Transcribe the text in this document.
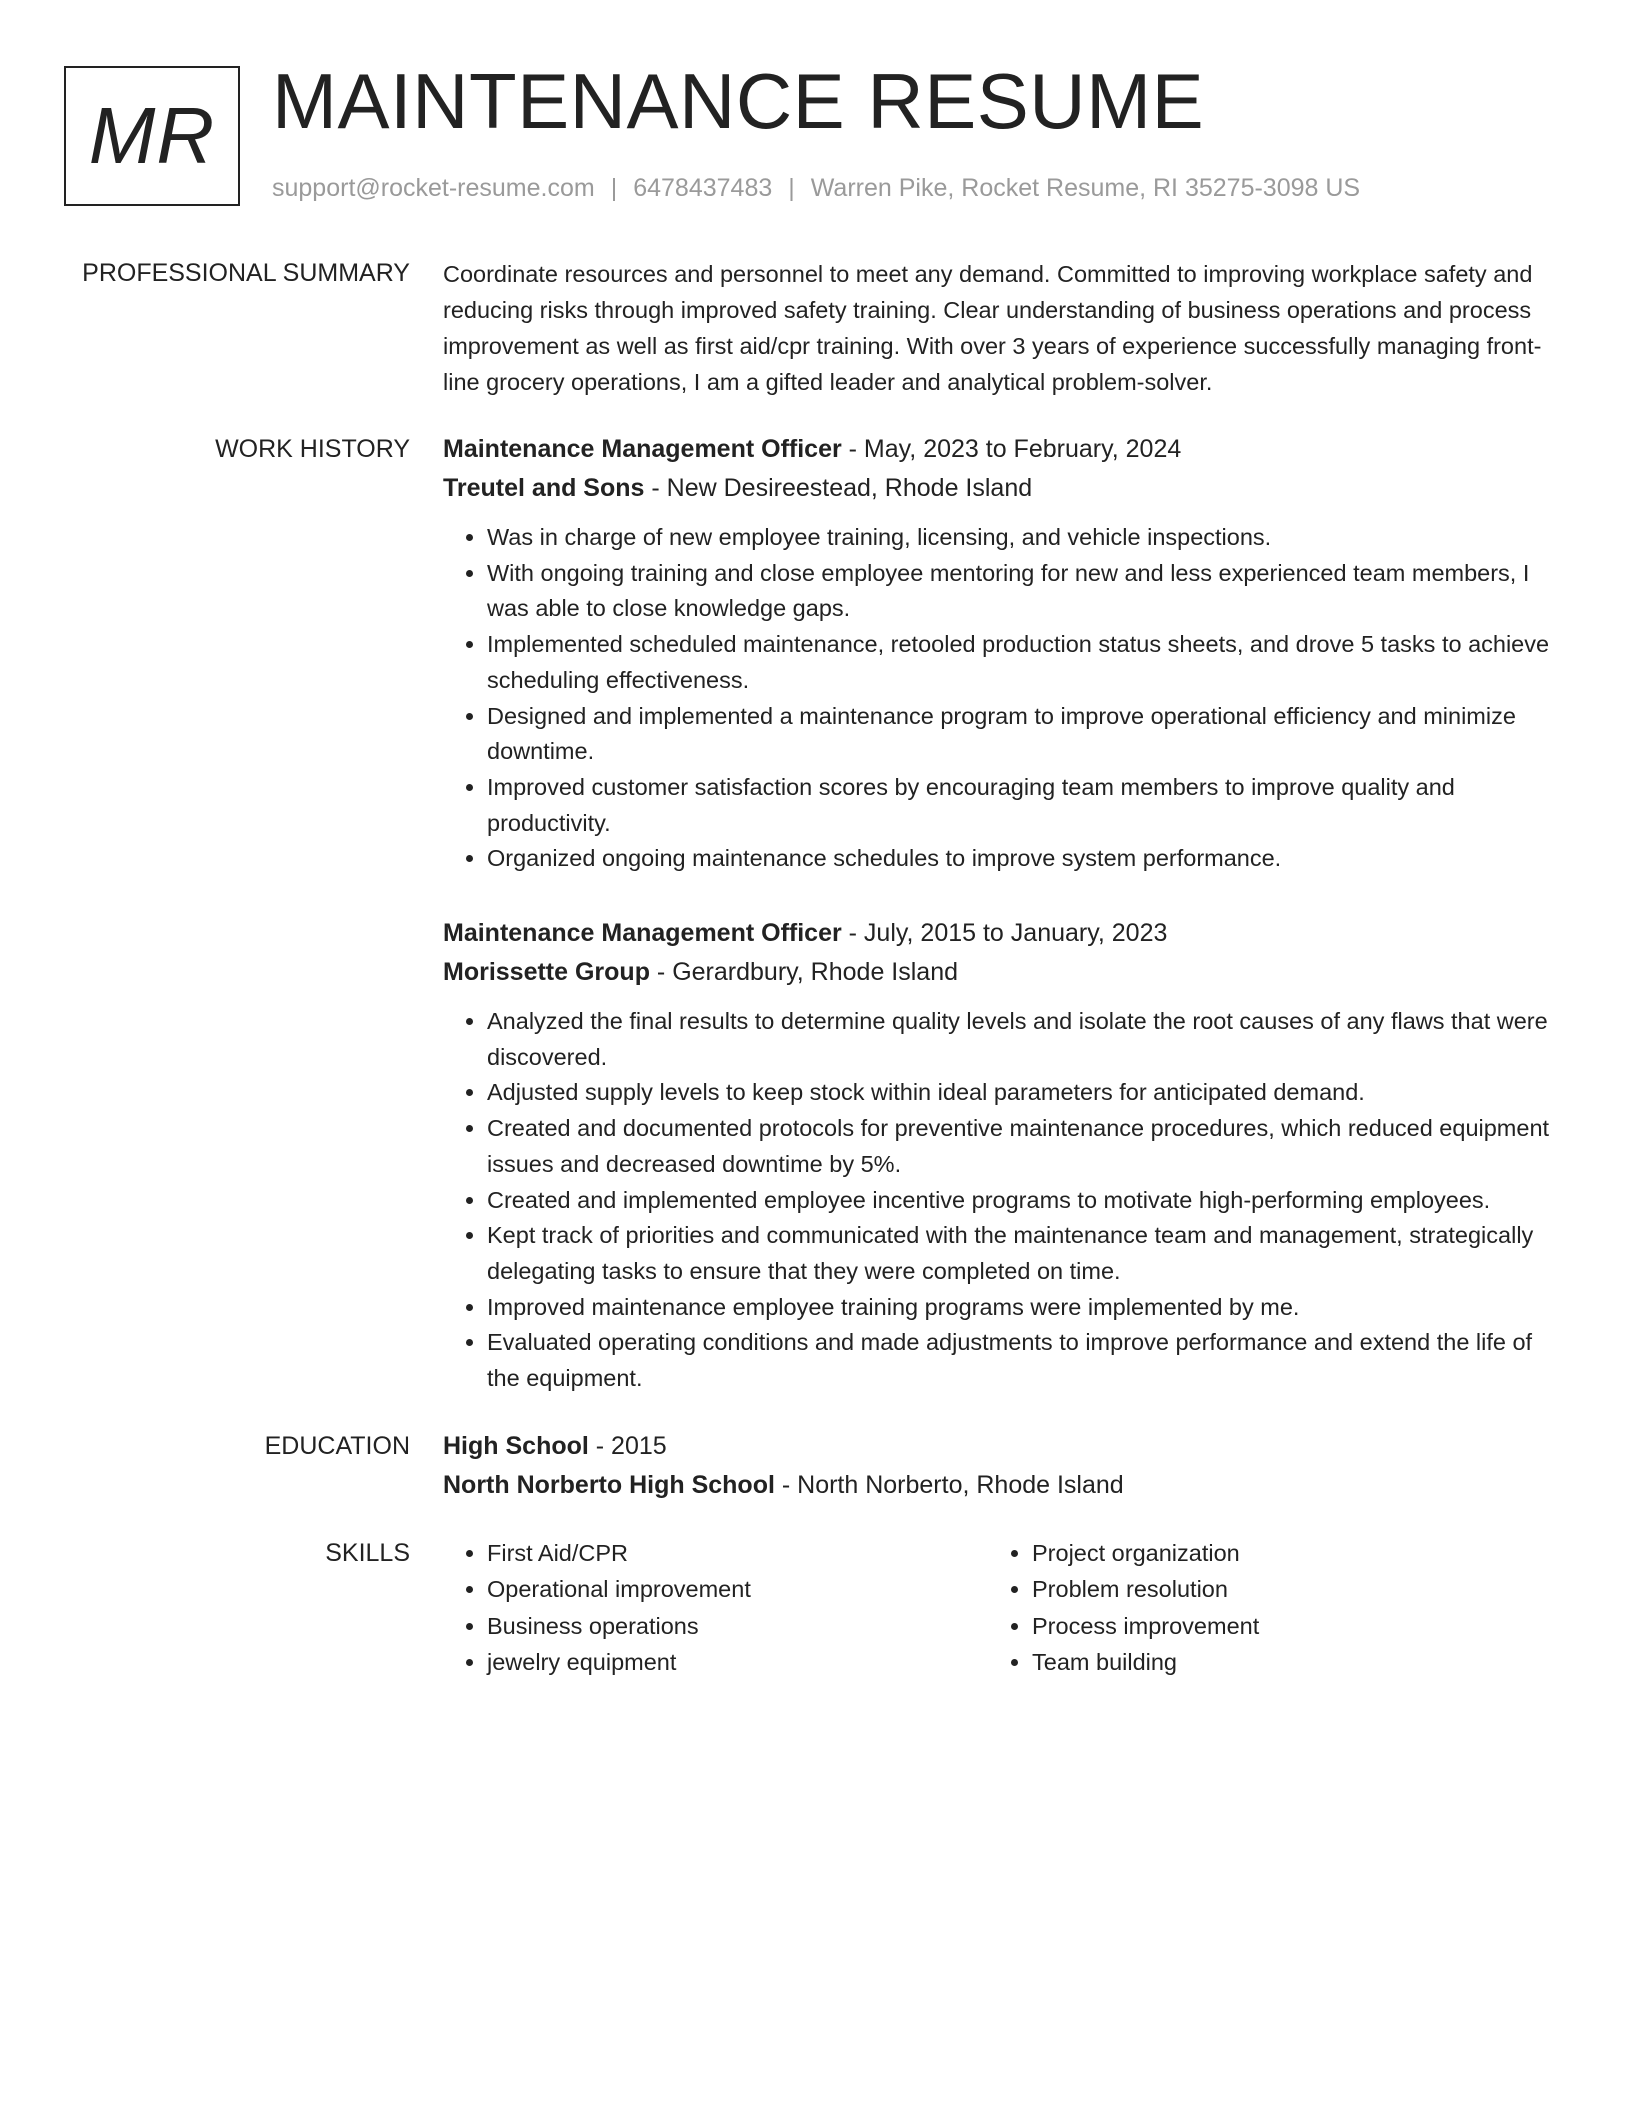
MR MAINTENANCE RESUME
support@rocket-resume.com | 6478437483 | Warren Pike, Rocket Resume, RI 35275-3098 US
PROFESSIONAL SUMMARY Coordinate resources and personnel to meet any demand. Committed to improving workplace safety and reducing risks through improved safety training. Clear understanding of business operations and process improvement as well as first aid/cpr training. With over 3 years of experience successfully managing front-line grocery operations, I am a gifted leader and analytical problem-solver.

WORK HISTORY Maintenance Management Officer - May, 2023 to February, 2024
Treutel and Sons - New Desireestead, Rhode Island
• Was in charge of new employee training, licensing, and vehicle inspections.
• With ongoing training and close employee mentoring for new and less experienced team members, I was able to close knowledge gaps.
• Implemented scheduled maintenance, retooled production status sheets, and drove 5 tasks to achieve scheduling effectiveness.
• Designed and implemented a maintenance program to improve operational efficiency and minimize downtime.
• Improved customer satisfaction scores by encouraging team members to improve quality and productivity.
• Organized ongoing maintenance schedules to improve system performance.
Maintenance Management Officer - July, 2015 to January, 2023
Morissette Group - Gerardbury, Rhode Island
• Analyzed the final results to determine quality levels and isolate the root causes of any flaws that were discovered.
• Adjusted supply levels to keep stock within ideal parameters for anticipated demand.
• Created and documented protocols for preventive maintenance procedures, which reduced equipment issues and decreased downtime by 5%.
• Created and implemented employee incentive programs to motivate high-performing employees.
• Kept track of priorities and communicated with the maintenance team and management, strategically delegating tasks to ensure that they were completed on time.
• Improved maintenance employee training programs were implemented by me.
• Evaluated operating conditions and made adjustments to improve performance and extend the life of the equipment.
EDUCATION High School - 2015
North Norberto High School - North Norberto, Rhode Island
SKILLS
•	First Aid/CPR
• Operational improvement
• Business operations
• jewelry equipment
• Project organization
• Problem resolution
• Process improvement
• Team building
